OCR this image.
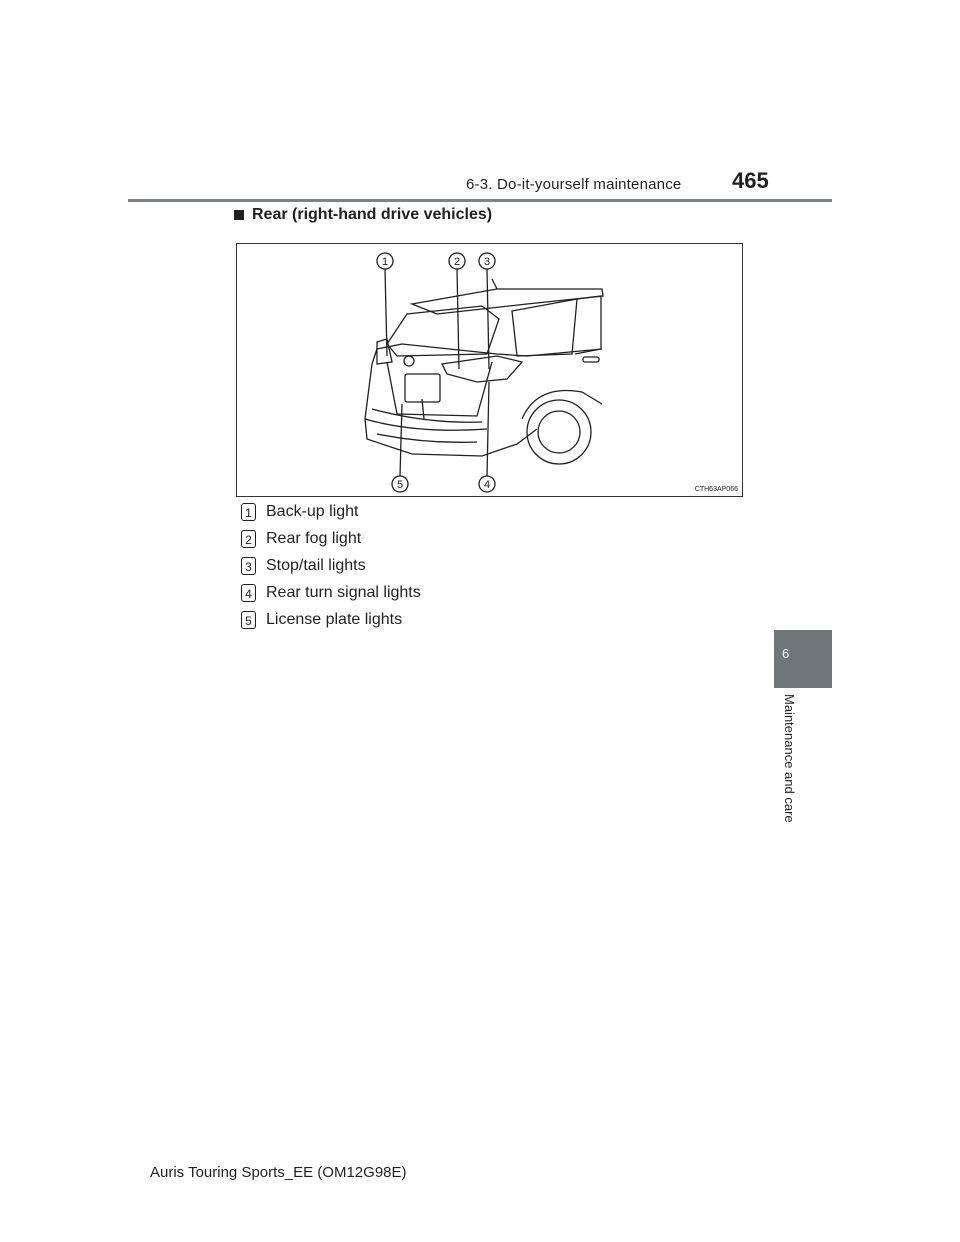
6-3. Do-it-yourself maintenance 465
6
Maintenance and care
Rear (right-hand drive vehicles)
1	2 3
4
5	CTH63AP066
1 Back-up light
2 Rear fog light
3 Stop/tail lights
4 Rear turn signal lights
5 License plate lights
Auris Touring Sports_EE (OM12G98E)
